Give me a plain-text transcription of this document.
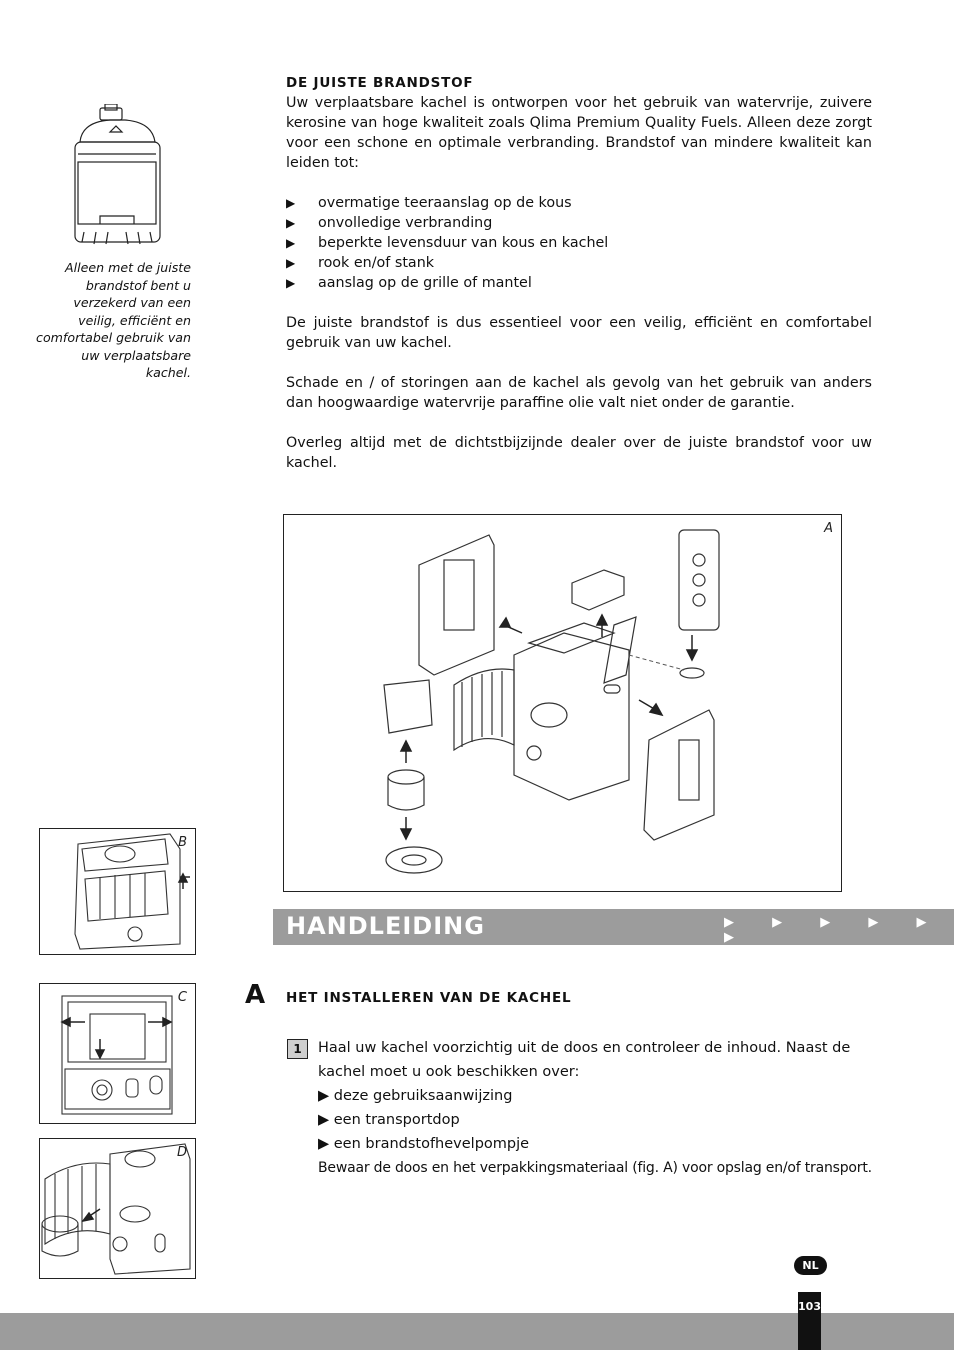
Alleen met de juiste brandstof bent u verzekerd van een veilig, efficiënt en comfortabel gebruik van uw verplaatsbare kachel.
DE JUISTE BRANDSTOF

Uw verplaatsbare kachel is ontworpen voor het gebruik van watervrije, zuivere kerosine van hoge kwaliteit zoals Qlima Premium Quality Fuels. Alleen deze zorgt voor een schone en optimale verbranding. Brandstof van mindere kwaliteit kan leiden tot:

▶	overmatige teeraanslag op de kous
▶	onvolledige verbranding
▶	beperkte levensduur van kous en kachel
▶	rook en/of stank
▶	aanslag op de grille of mantel

De juiste brandstof is dus essentieel voor een veilig, efficiënt en comfortabel gebruik van uw kachel.

Schade en / of storingen aan de kachel als gevolg van het gebruik van anders dan hoogwaardige watervrije paraffine olie valt niet onder de garantie.

Overleg altijd met de dichtstbijzijnde dealer over de juiste brandstof voor uw kachel.

A
B
C
D
HANDLEIDING	▶ ▶ ▶ ▶ ▶ ▶
A HET INSTALLEREN VAN DE KACHEL
1	Haal uw kachel voorzichtig uit de doos en controleer de inhoud. Naast de
kachel moet u ook beschikken over:
▶ deze gebruiksaanwijzing
▶ een transportdop
▶ een brandstofhevelpompje
Bewaar de doos en het verpakkingsmateriaal (fig. A) voor opslag en/of transport.
NL
103
